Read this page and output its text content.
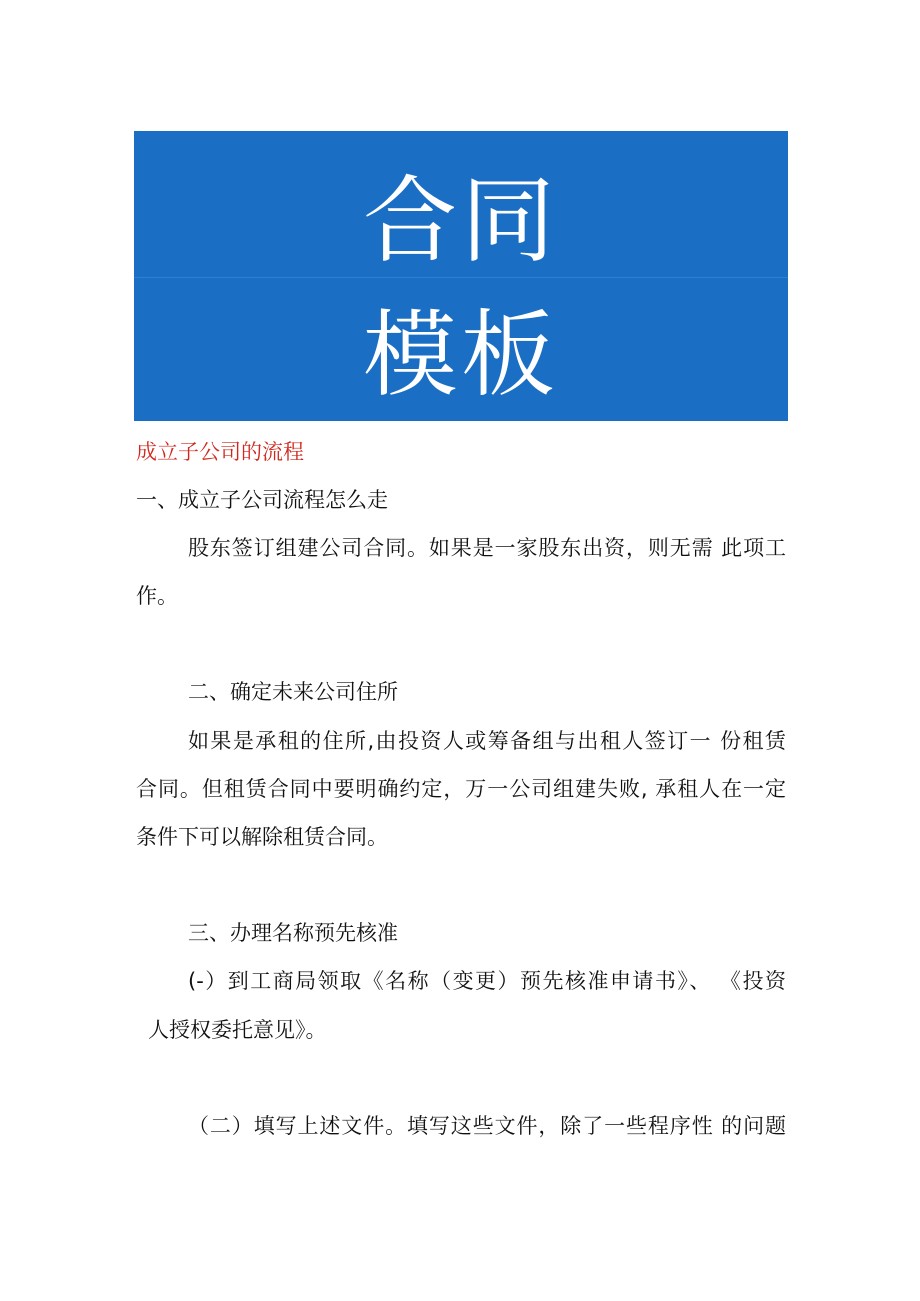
合同
模板
成立子公司的流程
一、成立子公司流程怎么走
股东签订组建公司合同。如果是一家股东出资，则无需 此项工
作。
二、确定未来公司住所
如果是承租的住所,由投资人或筹备组与出租人签订一 份租赁
合同。但租赁合同中要明确约定，万一公司组建失败, 承租人在一定
条件下可以解除租赁合同。
三、办理名称预先核准
(-）到工商局领取《名称（变更）预先核准申请书》、 《投资
人授权委托意见》。
（二）填写上述文件。填写这些文件，除了一些程序性 的问题
